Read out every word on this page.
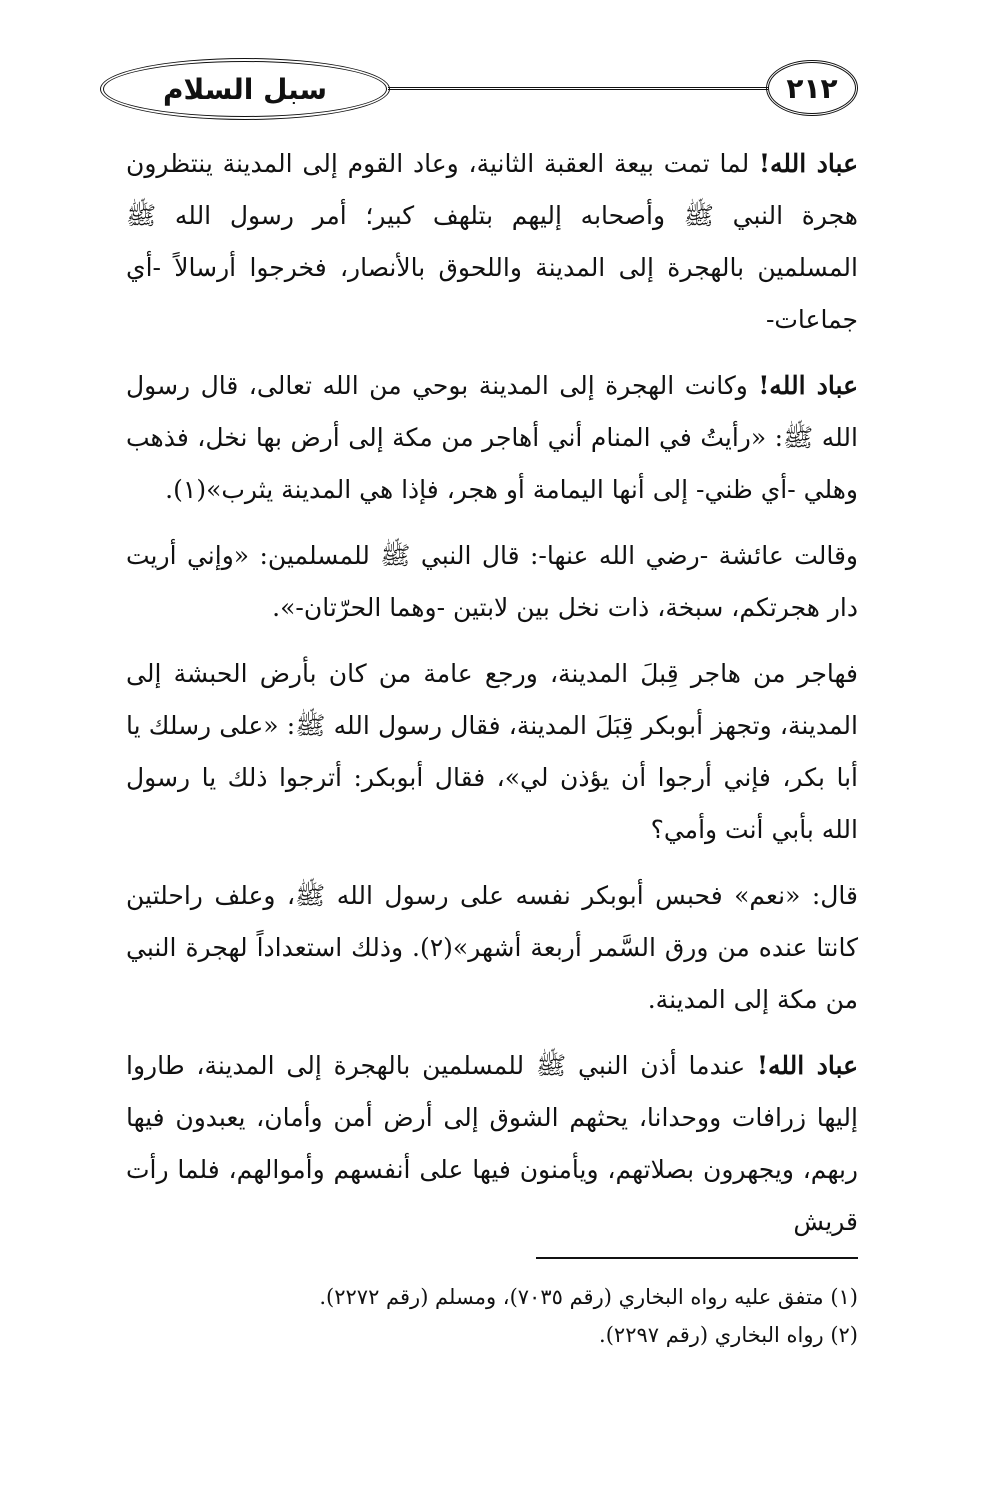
٢١٢
سبل السلام

عباد الله! لما تمت بيعة العقبة الثانية، وعاد القوم إلى المدينة ينتظرون هجرة النبي ﷺ وأصحابه إليهم بتلهف كبير؛ أمر رسول الله ﷺ المسلمين بالهجرة إلى المدينة واللحوق بالأنصار، فخرجوا أرسالاً -أي جماعات-

عباد الله! وكانت الهجرة إلى المدينة بوحي من الله تعالى، قال رسول الله ﷺ: «رأيتُ في المنام أني أهاجر من مكة إلى أرض بها نخل، فذهب وهلي -أي ظني- إلى أنها اليمامة أو هجر، فإذا هي المدينة يثرب»(١).

وقالت عائشة -رضي الله عنها-: قال النبي ﷺ للمسلمين: «وإني أريت دار هجرتكم، سبخة، ذات نخل بين لابتين -وهما الحرّتان-».

فهاجر من هاجر قِبلَ المدينة، ورجع عامة من كان بأرض الحبشة إلى المدينة، وتجهز أبوبكر قِبَلَ المدينة، فقال رسول الله ﷺ: «على رسلك يا أبا بكر، فإني أرجوا أن يؤذن لي»، فقال أبوبكر: أترجوا ذلك يا رسول الله بأبي أنت وأمي؟

قال: «نعم» فحبس أبوبكر نفسه على رسول الله ﷺ، وعلف راحلتين كانتا عنده من ورق السَّمر أربعة أشهر»(٢). وذلك استعداداً لهجرة النبي من مكة إلى المدينة.

عباد الله! عندما أذن النبي ﷺ للمسلمين بالهجرة إلى المدينة، طاروا إليها زرافات ووحدانا، يحثهم الشوق إلى أرض أمن وأمان، يعبدون فيها ربهم، ويجهرون بصلاتهم، ويأمنون فيها على أنفسهم وأموالهم، فلما رأت قريش

(١) متفق عليه رواه البخاري (رقم ٧٠٣٥)، ومسلم (رقم ٢٢٧٢).

(٢) رواه البخاري (رقم ٢٢٩٧).
